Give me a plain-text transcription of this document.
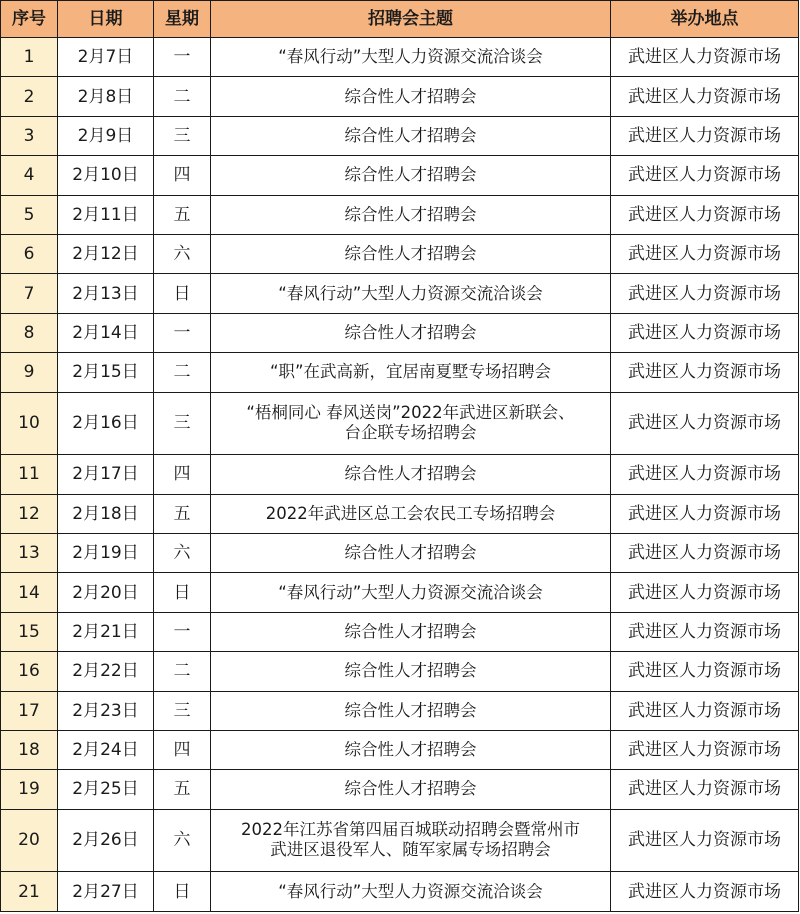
序号	日期	星期	招聘会主题	举办地点
1	2月7日	一	“春风行动”大型人力资源交流洽谈会	武进区人力资源市场
2	2月8日	二	综合性人才招聘会	武进区人力资源市场
3	2月9日	三	综合性人才招聘会	武进区人力资源市场
4	2月10日	四	综合性人才招聘会	武进区人力资源市场
5	2月11日	五	综合性人才招聘会	武进区人力资源市场
6	2月12日	六	综合性人才招聘会	武进区人力资源市场
7	2月13日	日	“春风行动”大型人力资源交流洽谈会	武进区人力资源市场
8	2月14日	一	综合性人才招聘会	武进区人力资源市场
9	2月15日	二	“职”在武高新，宜居南夏墅专场招聘会	武进区人力资源市场
10	2月16日	三	“梧桐同心 春风送岗”2022年武进区新联会、
台企联专场招聘会	武进区人力资源市场
11	2月17日	四	综合性人才招聘会	武进区人力资源市场
12	2月18日	五	2022年武进区总工会农民工专场招聘会	武进区人力资源市场
13	2月19日	六	综合性人才招聘会	武进区人力资源市场
14	2月20日	日	“春风行动”大型人力资源交流洽谈会	武进区人力资源市场
15	2月21日	一	综合性人才招聘会	武进区人力资源市场
16	2月22日	二	综合性人才招聘会	武进区人力资源市场
17	2月23日	三	综合性人才招聘会	武进区人力资源市场
18	2月24日	四	综合性人才招聘会	武进区人力资源市场
19	2月25日	五	综合性人才招聘会	武进区人力资源市场
20	2月26日	六	2022年江苏省第四届百城联动招聘会暨常州市
武进区退役军人、随军家属专场招聘会	武进区人力资源市场
21	2月27日	日	“春风行动”大型人力资源交流洽谈会	武进区人力资源市场
